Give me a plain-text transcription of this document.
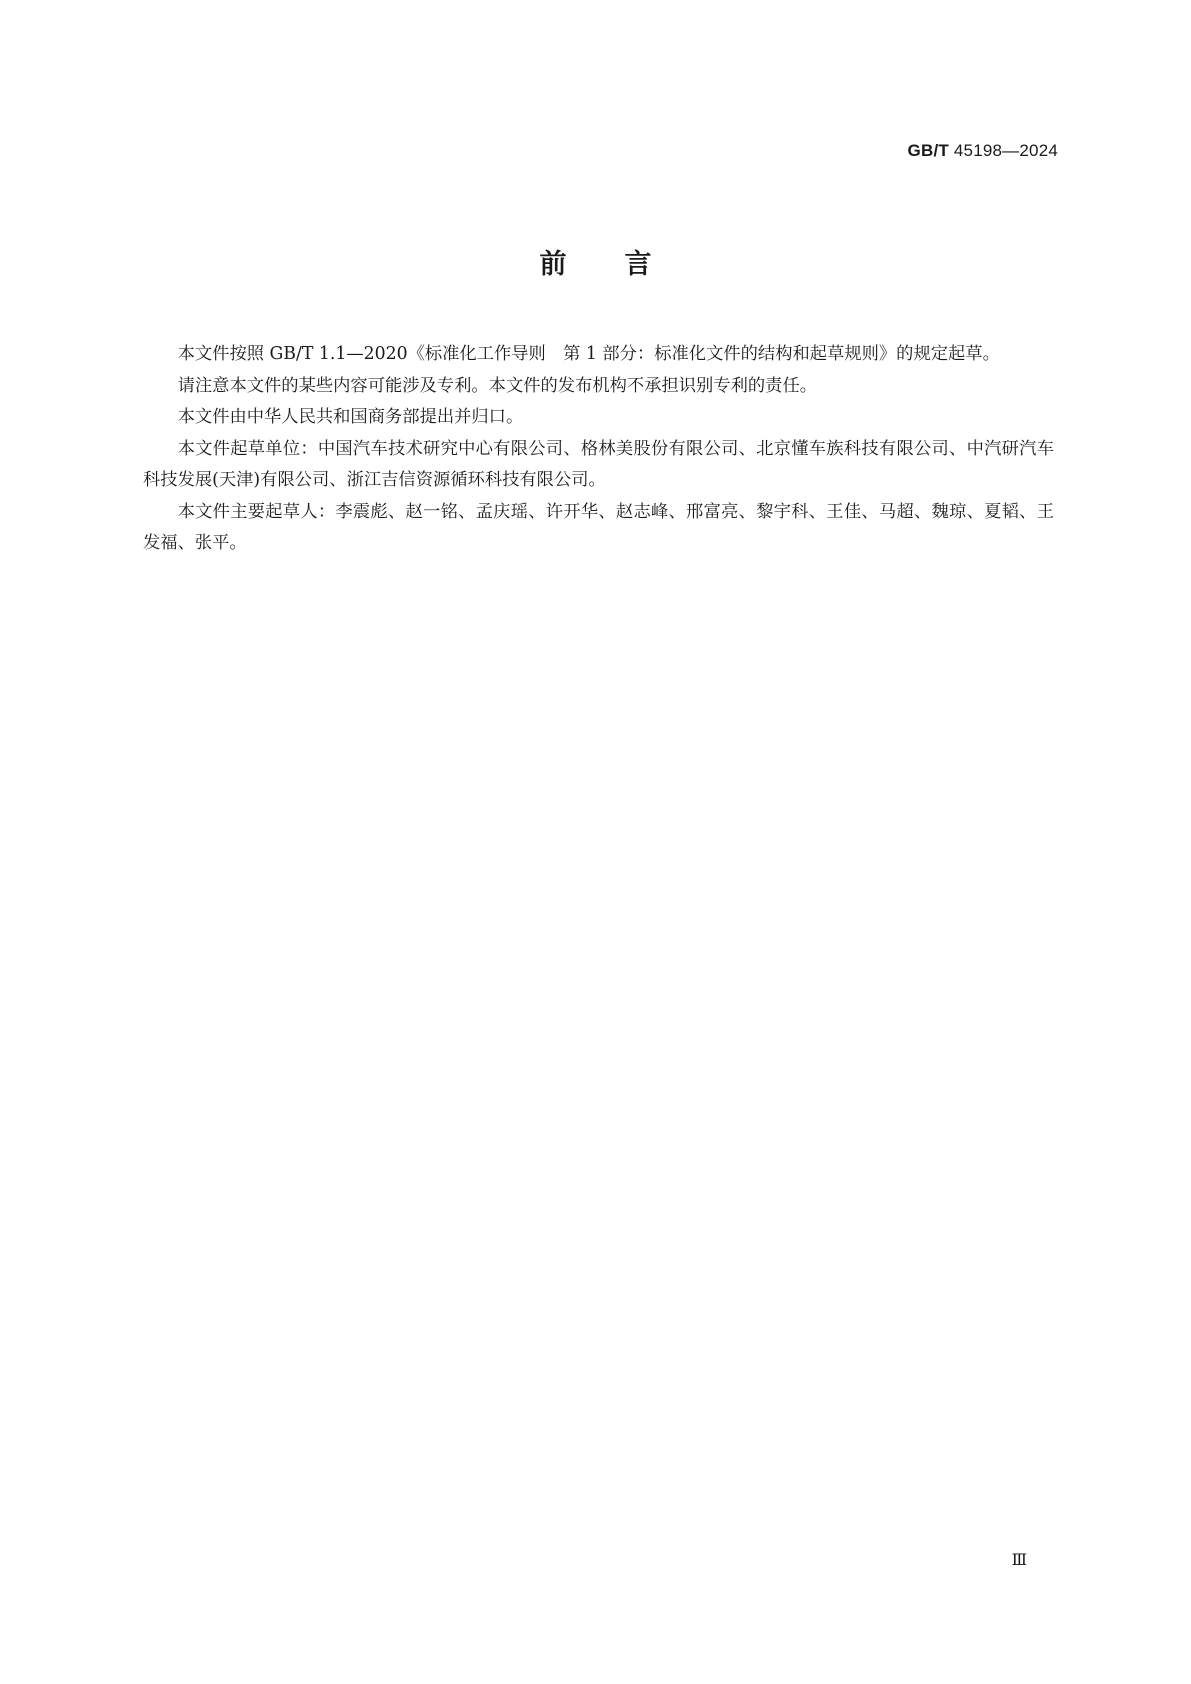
GB/T 45198—2024
前言

本文件按照 GB/T 1.1—2020《标准化工作导则　第 1 部分：标准化文件的结构和起草规则》的规定起草。

请注意本文件的某些内容可能涉及专利。本文件的发布机构不承担识别专利的责任。

本文件由中华人民共和国商务部提出并归口。

本文件起草单位：中国汽车技术研究中心有限公司、格林美股份有限公司、北京懂车族科技有限公司、中汽研汽车科技发展(天津)有限公司、浙江吉信资源循环科技有限公司。

本文件主要起草人：李震彪、赵一铭、孟庆瑶、许开华、赵志峰、邢富亮、黎宇科、王佳、马超、魏琼、夏韬、王发福、张平。

Ⅲ
